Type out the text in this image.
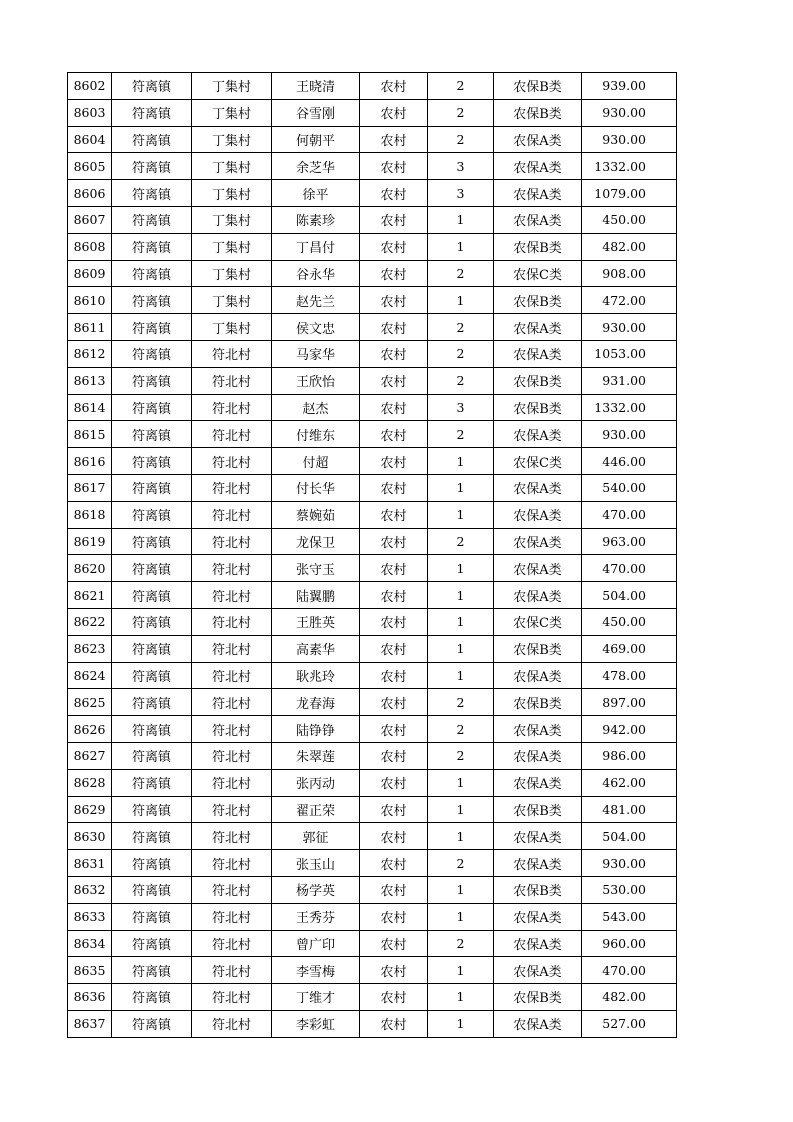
8602	符离镇	丁集村	王晓清	农村	2	农保B类	939.00
8603	符离镇	丁集村	谷雪刚	农村	2	农保B类	930.00
8604	符离镇	丁集村	何朝平	农村	2	农保A类	930.00
8605	符离镇	丁集村	余芝华	农村	3	农保A类	1332.00
8606	符离镇	丁集村	徐平	农村	3	农保A类	1079.00
8607	符离镇	丁集村	陈素珍	农村	1	农保A类	450.00
8608	符离镇	丁集村	丁昌付	农村	1	农保B类	482.00
8609	符离镇	丁集村	谷永华	农村	2	农保C类	908.00
8610	符离镇	丁集村	赵先兰	农村	1	农保B类	472.00
8611	符离镇	丁集村	侯文忠	农村	2	农保A类	930.00
8612	符离镇	符北村	马家华	农村	2	农保A类	1053.00
8613	符离镇	符北村	王欣怡	农村	2	农保B类	931.00
8614	符离镇	符北村	赵杰	农村	3	农保B类	1332.00
8615	符离镇	符北村	付维东	农村	2	农保A类	930.00
8616	符离镇	符北村	付超	农村	1	农保C类	446.00
8617	符离镇	符北村	付长华	农村	1	农保A类	540.00
8618	符离镇	符北村	蔡婉茹	农村	1	农保A类	470.00
8619	符离镇	符北村	龙保卫	农村	2	农保A类	963.00
8620	符离镇	符北村	张守玉	农村	1	农保A类	470.00
8621	符离镇	符北村	陆翼鹏	农村	1	农保A类	504.00
8622	符离镇	符北村	王胜英	农村	1	农保C类	450.00
8623	符离镇	符北村	高素华	农村	1	农保B类	469.00
8624	符离镇	符北村	耿兆玲	农村	1	农保A类	478.00
8625	符离镇	符北村	龙春海	农村	2	农保B类	897.00
8626	符离镇	符北村	陆铮铮	农村	2	农保A类	942.00
8627	符离镇	符北村	朱翠莲	农村	2	农保A类	986.00
8628	符离镇	符北村	张丙动	农村	1	农保A类	462.00
8629	符离镇	符北村	翟正荣	农村	1	农保B类	481.00
8630	符离镇	符北村	郭征	农村	1	农保A类	504.00
8631	符离镇	符北村	张玉山	农村	2	农保A类	930.00
8632	符离镇	符北村	杨学英	农村	1	农保B类	530.00
8633	符离镇	符北村	王秀芬	农村	1	农保A类	543.00
8634	符离镇	符北村	曾广印	农村	2	农保A类	960.00
8635	符离镇	符北村	李雪梅	农村	1	农保A类	470.00
8636	符离镇	符北村	丁维才	农村	1	农保B类	482.00
8637	符离镇	符北村	李彩虹	农村	1	农保A类	527.00
